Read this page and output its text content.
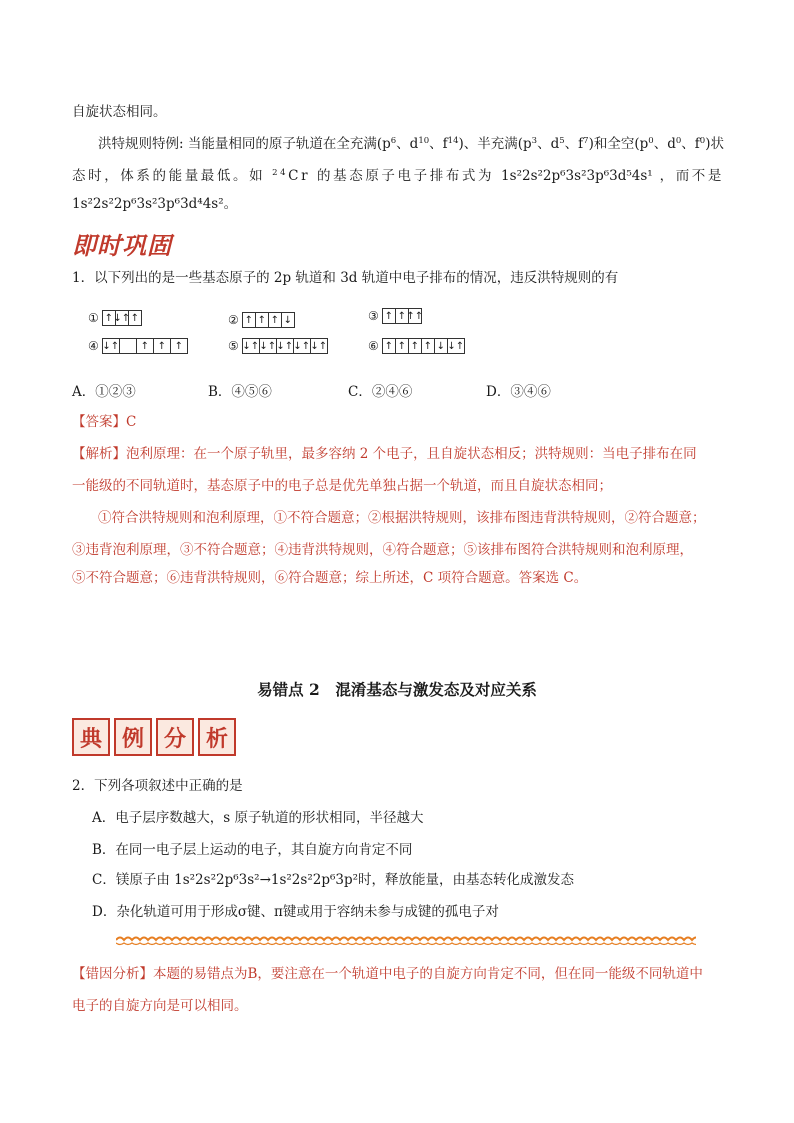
自旋状态相同。
洪特规则特例: 当能量相同的原子轨道在全充满($p^6$、$d^{10}$、$f^{14}$)、半充满($p^3$、$d^5$、$f^7$)和全空($p^0$、$d^0$、$f^0$)状
态时，体系的能量最低。如 $^{24}$Cr 的基态原子电子排布式为 1s²2s²2p⁶3s²3p⁶3d⁵4s¹ ，而不是
1s²2s²2p⁶3s²3p⁶3d⁴4s²。
即时巩固
1．以下列出的是一些基态原子的 2p 轨道和 3d 轨道中电子排布的情况，违反洪特规则的有
① ↑ ↓↑ ↑	② ↑ ↑ ↑ ↓	③ ↑ ↑ ↑↑
④ ↓↑	↑ ↑ ↑	⑤ ↓↑ ↓↑ ↓↑ ↓↑ ↓↑	⑥ ↑ ↑ ↑ ↑ ↓ ↓↑
A．①②③	B．④⑤⑥	C．②④⑥	D．③④⑥
【答案】C
【解析】泡利原理：在一个原子轨里，最多容纳 2 个电子，且自旋状态相反；洪特规则：当电子排布在同
一能级的不同轨道时，基态原子中的电子总是优先单独占据一个轨道，而且自旋状态相同；
①符合洪特规则和泡利原理，①不符合题意；②根据洪特规则，该排布图违背洪特规则，②符合题意；
③违背泡利原理，③不符合题意；④违背洪特规则，④符合题意；⑤该排布图符合洪特规则和泡利原理，
⑤不符合题意；⑥违背洪特规则，⑥符合题意；综上所述，C 项符合题意。答案选 C。
易错点 2　混淆基态与激发态及对应关系
典 例 分 析
2．下列各项叙述中正确的是
A．电子层序数越大，s 原子轨道的形状相同，半径越大
B．在同一电子层上运动的电子，其自旋方向肯定不同
C．镁原子由 1s²2s²2p⁶3s²→1s²2s²2p⁶3p²时，释放能量，由基态转化成激发态
D．杂化轨道可用于形成σ键、π键或用于容纳未参与成键的孤电子对
【错因分析】本题的易错点为B，要注意在一个轨道中电子的自旋方向肯定不同，但在同一能级不同轨道中
电子的自旋方向是可以相同。
